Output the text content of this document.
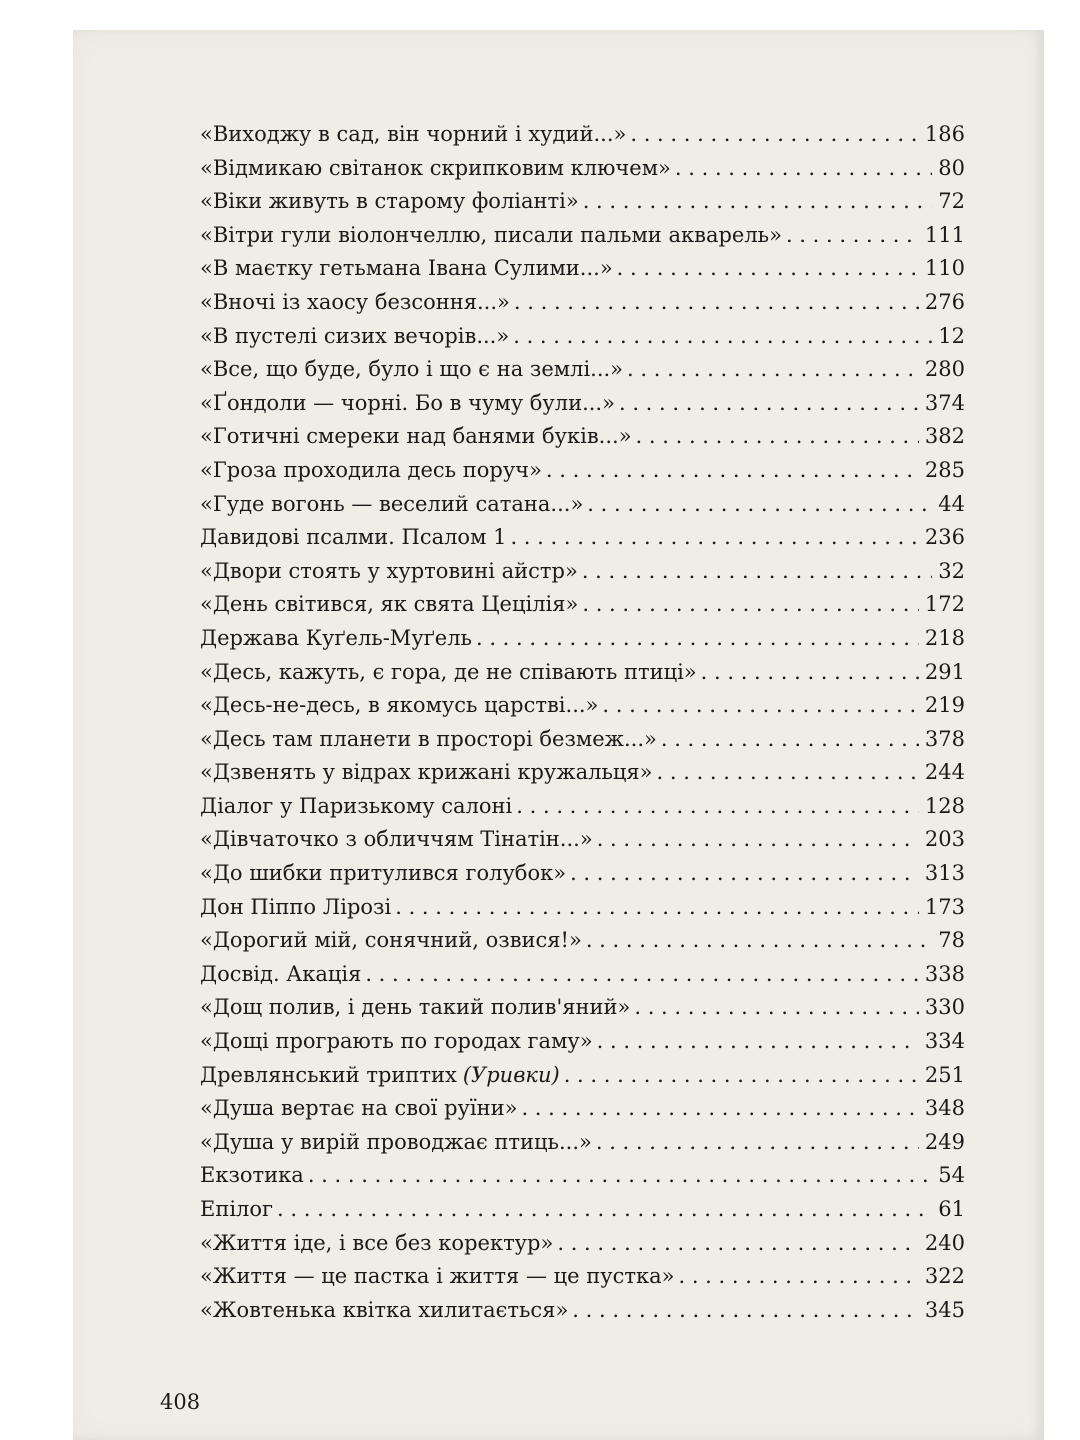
«Виходжу в сад, він чорний і худий...» . . .	186
«Відмикаю світанок скрипковим ключем» . . .	80
«Віки живуть в старому фоліанті» . . .	72
«Вітри гули віолончеллю, писали пальми акварель» . . .	111
«В маєтку гетьмана Івана Сулими...» . . .	110
«Вночі із хаосу безсоння...» . . .	276
«В пустелі сизих вечорів...» . . .	12
«Все, що буде, було і що є на землі...» . . .	280
«Ґондоли — чорні. Бо в чуму були...» . . .	374
«Готичні смереки над банями буків...» . . .	382
«Гроза проходила десь поруч» . . .	285
«Гуде вогонь — веселий сатана...» . . .	44
Давидові псалми. Псалом 1 . . .	236
«Двори стоять у хуртовині айстр» . . .	32
«День світився, як свята Цецілія» . . .	172
Держава Куґель-Муґель . . .	218
«Десь, кажуть, є гора, де не співають птиці» . . .	291
«Десь-не-десь, в якомусь царстві...» . . .	219
«Десь там планети в просторі безмеж...» . . .	378
«Дзвенять у відрах крижані кружальця» . . .	244
Діалог у Паризькому салоні . . .	128
«Дівчаточко з обличчям Тінатін...» . . .	203
«До шибки притулився голубок» . . .	313
Дон Піппо Лірозі . . .	173
«Дорогий мій, сонячний, озвися!» . . .	78
Досвід. Акація . . .	338
«Дощ полив, і день такий полив'яний» . . .	330
«Дощі програють по городах гаму» . . .	334
Древлянський триптих (Уривки) . . .	251
«Душа вертає на свої руїни» . . .	348
«Душа у вирій проводжає птиць...» . . .	249
Екзотика . . .	54
Епілог . . .	61
«Життя іде, і все без коректур» . . .	240
«Життя — це пастка і життя — це пустка» . . .	322
«Жовтенька квітка хилитається» . . .	345
408
